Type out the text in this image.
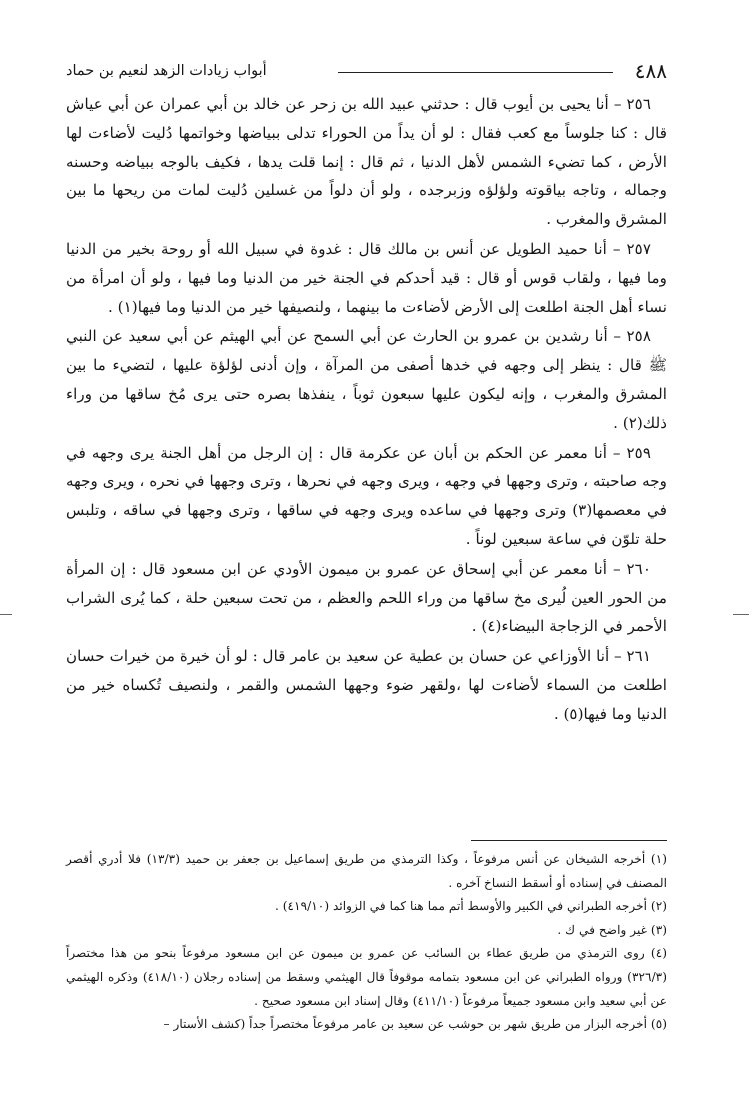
٤٨٨
أبواب زيادات الزهد لنعيم بن حماد

٢٥٦ – أنا يحيى بن أيوب قال : حدثني عبيد الله بن زحر عن خالد بن أبي عمران عن أبي عياش قال : كنا جلوساً مع كعب فقال : لو أن يداً من الحوراء تدلى ببياضها وخواتمها دُليت لأضاءت لها الأرض ، كما تضيء الشمس لأهل الدنيا ، ثم قال : إنما قلت يدها ، فكيف بالوجه ببياضه وحسنه وجماله ، وتاجه بياقوته ولؤلؤه وزبرجده ، ولو أن دلواً من غسلين دُليت لمات من ريحها ما بين المشرق والمغرب .

٢٥٧ – أنا حميد الطويل عن أنس بن مالك قال : غدوة في سبيل الله أو روحة بخير من الدنيا وما فيها ، ولقاب قوس أو قال : قيد أحدكم في الجنة خير من الدنيا وما فيها ، ولو أن امرأة من نساء أهل الجنة اطلعت إلى الأرض لأضاءت ما بينهما ، ولنصيفها خير من الدنيا وما فيها(١) .

٢٥٨ – أنا رشدين بن عمرو بن الحارث عن أبي السمح عن أبي الهيثم عن أبي سعيد عن النبي ﷺ قال : ينظر إلى وجهه في خدها أصفى من المرآة ، وإن أدنى لؤلؤة عليها ، لتضيء ما بين المشرق والمغرب ، وإنه ليكون عليها سبعون ثوباً ، ينفذها بصره حتى يرى مُخ ساقها من وراء ذلك(٢) .

٢٥٩ – أنا معمر عن الحكم بن أبان عن عكرمة قال : إن الرجل من أهل الجنة يرى وجهه في وجه صاحبته ، وترى وجهها في وجهه ، ويرى وجهه في نحرها ، وترى وجهها في نحره ، ويرى وجهه في معصمها(٣) وترى وجهها في ساعده ويرى وجهه في ساقها ، وترى وجهها في ساقه ، وتلبس حلة تلوّن في ساعة سبعين لوناً .

٢٦٠ – أنا معمر عن أبي إسحاق عن عمرو بن ميمون الأودي عن ابن مسعود قال : إن المرأة من الحور العين لُيرى مخ ساقها من وراء اللحم والعظم ، من تحت سبعين حلة ، كما يُرى الشراب الأحمر في الزجاجة البيضاء(٤) .

٢٦١ – أنا الأوزاعي عن حسان بن عطية عن سعيد بن عامر قال : لو أن خيرة من خيرات حسان اطلعت من السماء لأضاءت لها ،ولقهر ضوء وجهها الشمس والقمر ، ولنصيف تُكساه خير من الدنيا وما فيها(٥) .

(١) أخرجه الشيخان عن أنس مرفوعاً ، وكذا الترمذي من طريق إسماعيل بن جعفر بن حميد (١٣/٣) فلا أدري أقصر المصنف في إسناده أو أسقط النساخ آخره .

(٢) أخرجه الطبراني في الكبير والأوسط أتم مما هنا كما في الزوائد (٤١٩/١٠) .

(٣) غير واضح في ك .

(٤) روى الترمذي من طريق عطاء بن السائب عن عمرو بن ميمون عن ابن مسعود مرفوعاً بنحو من هذا مختصراً (٣٢٦/٣) ورواه الطبراني عن ابن مسعود بتمامه موقوفاً قال الهيثمي وسقط من إسناده رجلان (٤١٨/١٠) وذكره الهيثمي عن أبي سعيد وابن مسعود جميعاً مرفوعاً (٤١١/١٠) وقال إسناد ابن مسعود صحيح .

(٥) أخرجه البزار من طريق شهر بن حوشب عن سعيد بن عامر مرفوعاً مختصراً جداً (كشف الأستار –
